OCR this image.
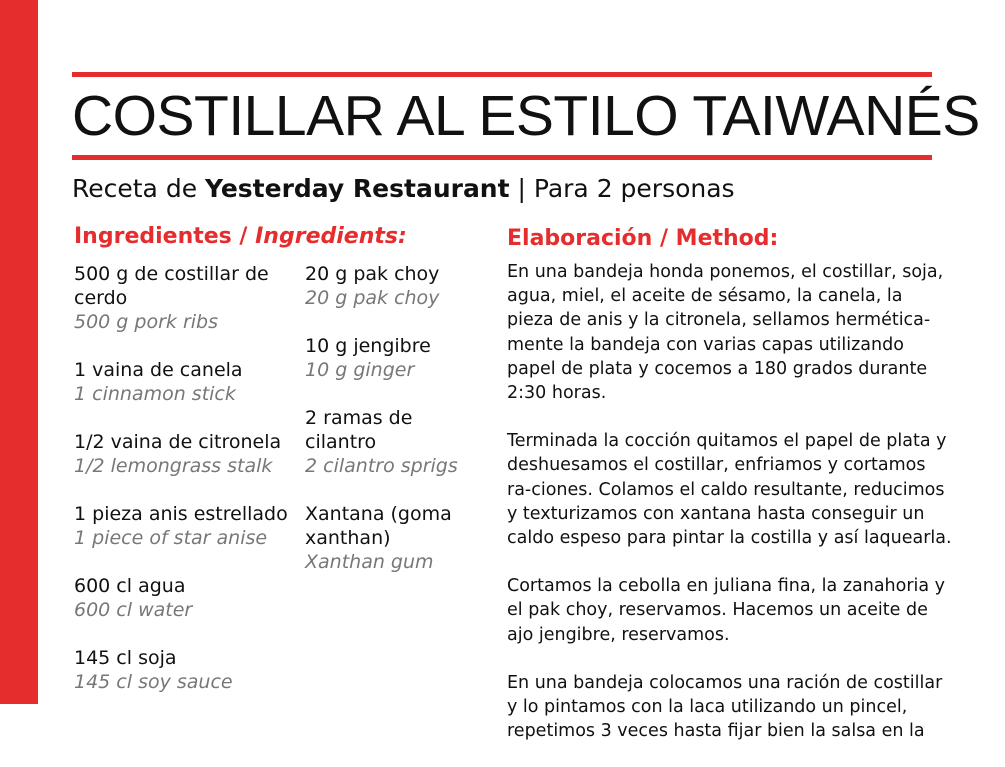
COSTILLAR AL ESTILO TAIWANÉS
Receta de Yesterday Restaurant | Para 2 personas
Ingredientes / Ingredients:	Elaboración / Method:
500 g de costillar de cerdo
500 g pork ribs
1 vaina de canela
1 cinnamon stick
1/2 vaina de citronela
1/2 lemongrass stalk
1 pieza anis estrellado
1 piece of star anise
600 cl agua
600 cl water
145 cl soja
145 cl soy sauce
20 g pak choy
20 g pak choy
10 g jengibre
10 g ginger
2 ramas de cilantro
2 cilantro sprigs
Xantana (goma xanthan)
Xanthan gum

En una bandeja honda ponemos, el costillar, soja, agua, miel, el aceite de sésamo, la canela, la pieza de anis y la citronela, sellamos hermética-mente la bandeja con varias capas utilizando papel de plata y cocemos a 180 grados durante 2:30 horas.

Terminada la cocción quitamos el papel de plata y deshuesamos el costillar, enfriamos y cortamos ra-ciones. Colamos el caldo resultante, reducimos y texturizamos con xantana hasta conseguir un caldo espeso para pintar la costilla y así laquearla.

Cortamos la cebolla en juliana fina, la zanahoria y el pak choy, reservamos. Hacemos un aceite de ajo jengibre, reservamos.

En una bandeja colocamos una ración de costillar y lo pintamos con la laca utilizando un pincel, repetimos 3 veces hasta fijar bien la salsa en la
